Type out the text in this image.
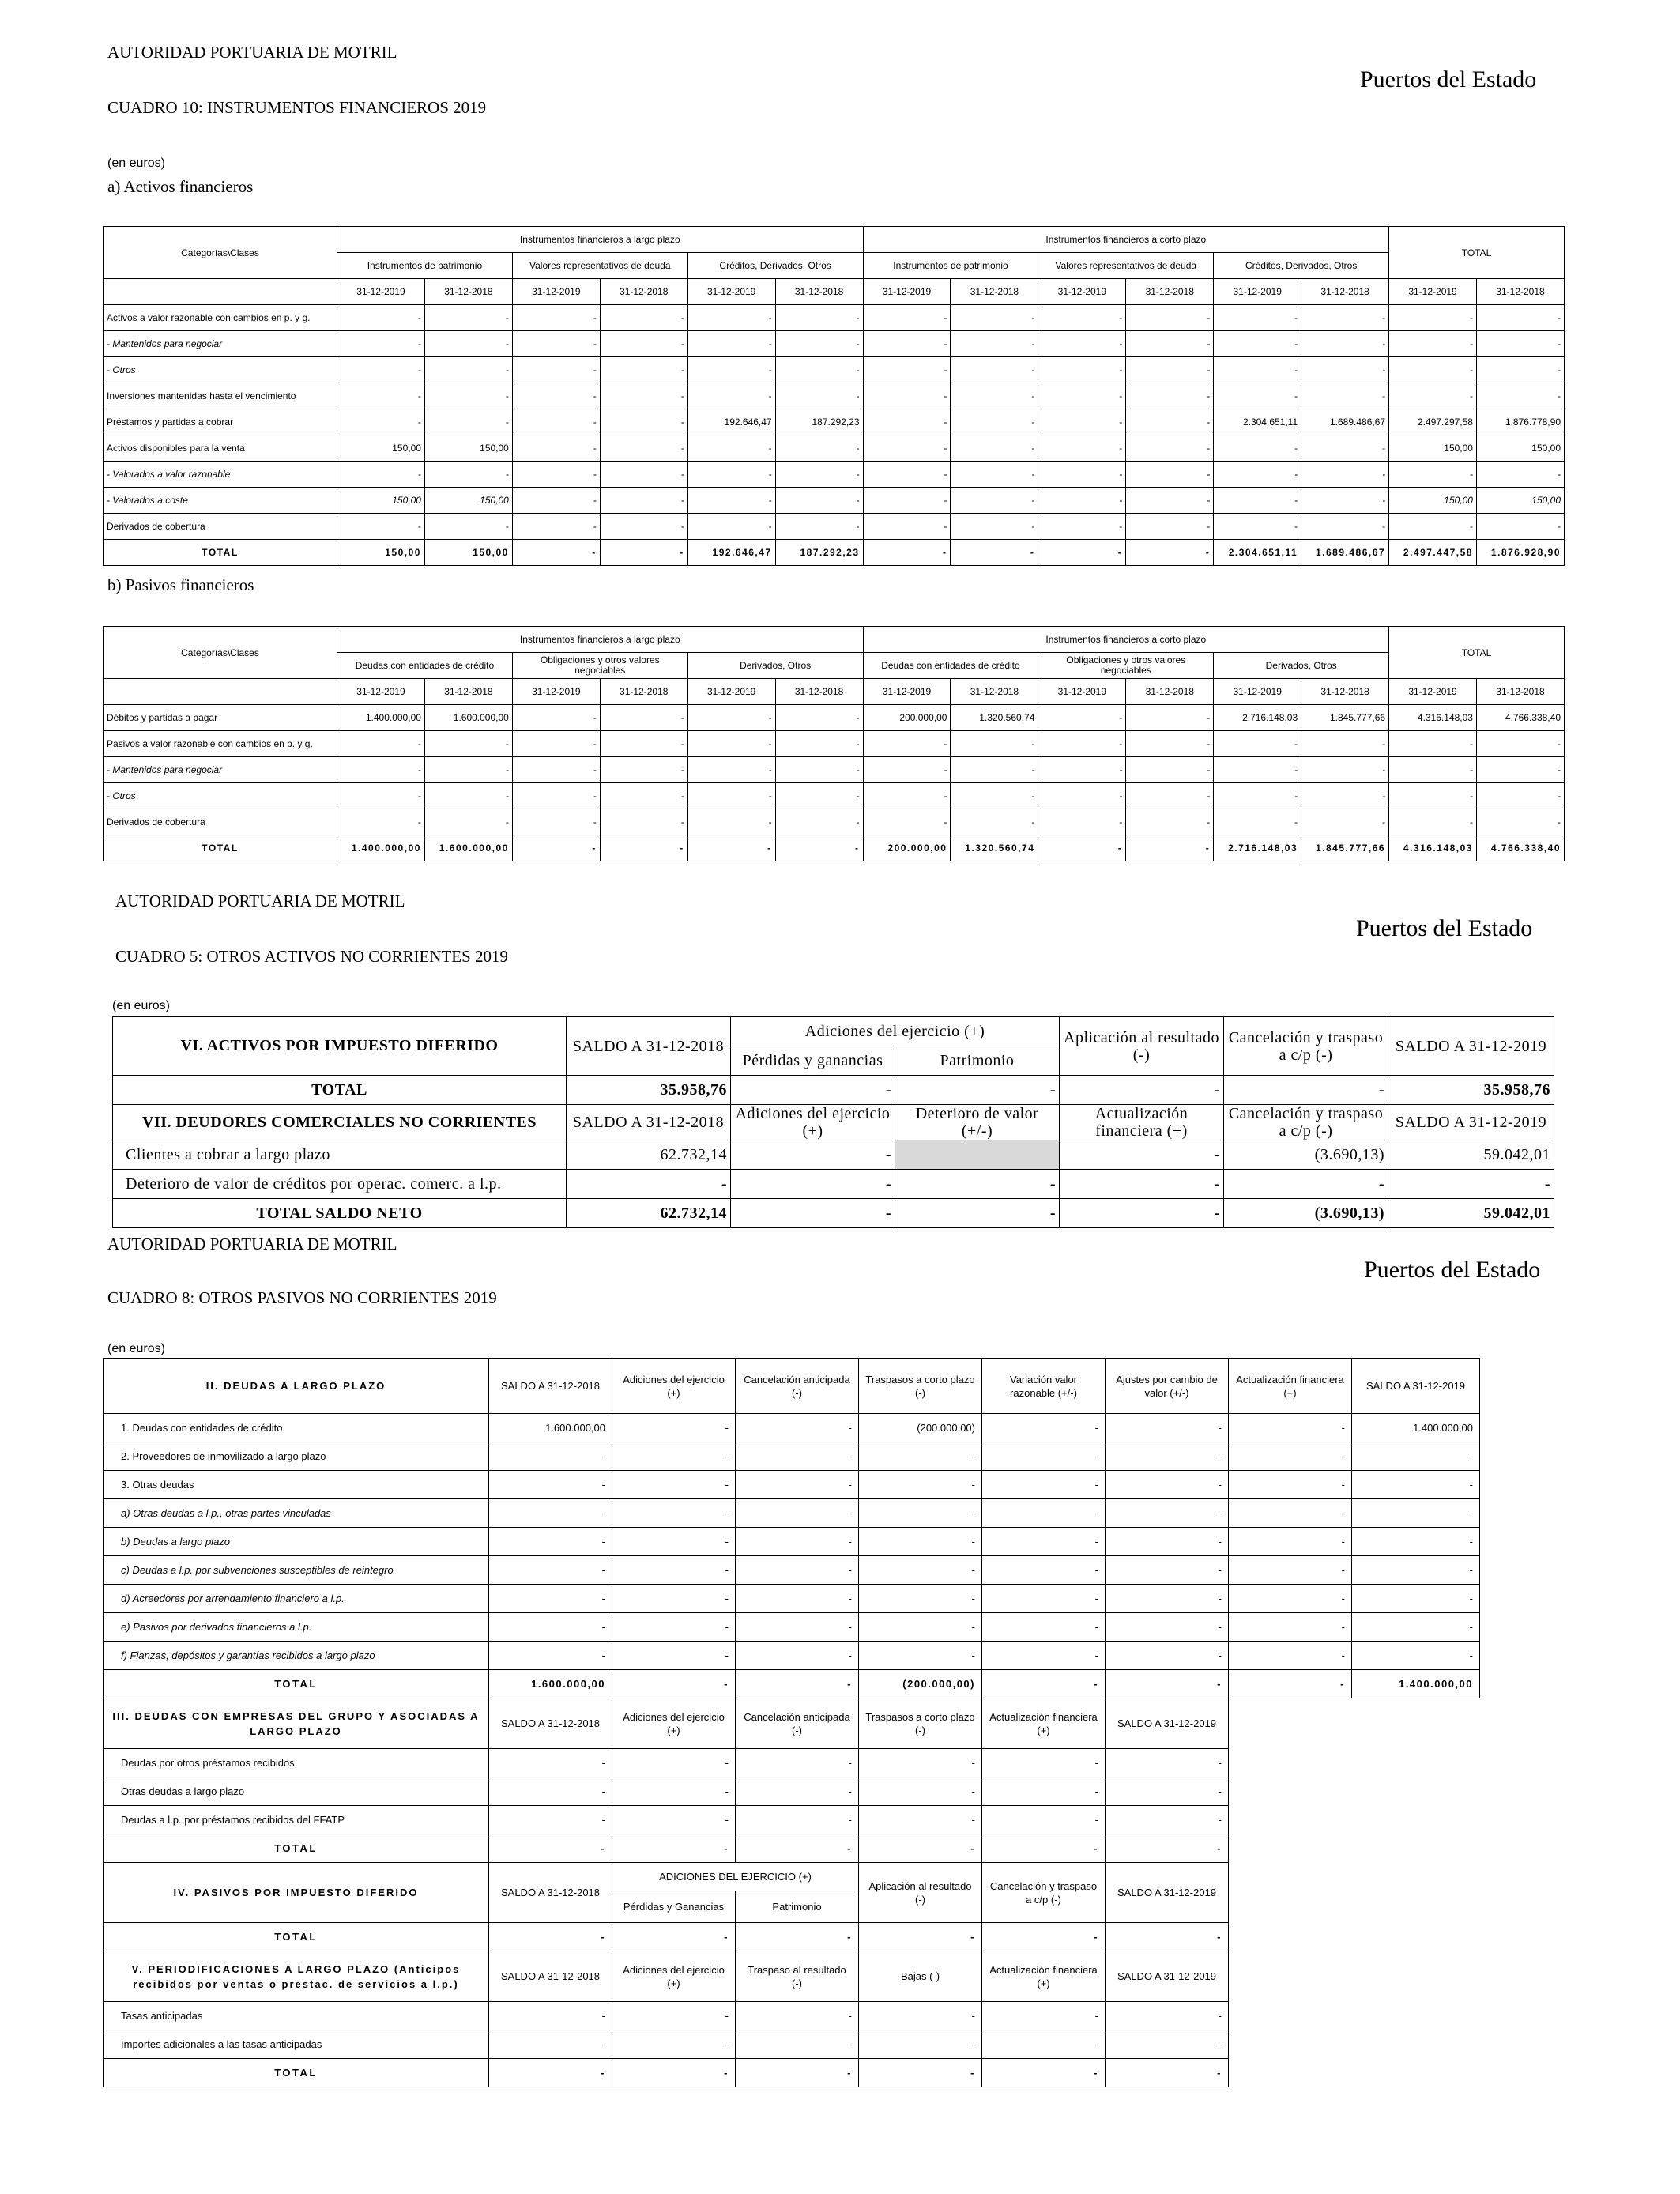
AUTORIDAD PORTUARIA DE MOTRIL
Puertos del Estado
CUADRO 10: INSTRUMENTOS FINANCIEROS 2019
(en euros)
a) Activos financieros
Categorías\Clases	Instrumentos financieros a largo plazo						Instrumentos financieros a corto plazo						TOTAL	
	Instrumentos de patrimonio		Valores representativos de deuda		Créditos, Derivados, Otros		Instrumentos de patrimonio		Valores representativos de deuda		Créditos, Derivados, Otros			
	31-12-2019	31-12-2018	31-12-2019	31-12-2018	31-12-2019	31-12-2018	31-12-2019	31-12-2018	31-12-2019	31-12-2018	31-12-2019	31-12-2018	31-12-2019	31-12-2018
Activos a valor razonable con cambios en p. y g.	-	-	-	-	-	-	-	-	-	-	-	-	-	-
- Mantenidos para negociar	-	-	-	-	-	-	-	-	-	-	-	-	-	-
- Otros	-	-	-	-	-	-	-	-	-	-	-	-	-	-
Inversiones mantenidas hasta el vencimiento	-	-	-	-	-	-	-	-	-	-	-	-	-	-
Préstamos y partidas a cobrar	-	-	-	-	192.646,47	187.292,23	-	-	-	-	2.304.651,11	1.689.486,67	2.497.297,58	1.876.778,90
Activos disponibles para la venta	150,00	150,00	-	-	-	-	-	-	-	-	-	-	150,00	150,00
- Valorados a valor razonable	-	-	-	-	-	-	-	-	-	-	-	-	-	-
- Valorados a coste	150,00	150,00	-	-	-	-	-	-	-	-	-	-	150,00	150,00
Derivados de cobertura	-	-	-	-	-	-	-	-	-	-	-	-	-	-
TOTAL	150,00	150,00	-	-	192.646,47	187.292,23	-	-	-	-	2.304.651,11	1.689.486,67	2.497.447,58	1.876.928,90
b) Pasivos financieros
Categorías\Clases	Instrumentos financieros a largo plazo						Instrumentos financieros a corto plazo						TOTAL	
	Deudas con entidades de crédito		Obligaciones y otros valores negociables		Derivados, Otros		Deudas con entidades de crédito		Obligaciones y otros valores negociables		Derivados, Otros			
	31-12-2019	31-12-2018	31-12-2019	31-12-2018	31-12-2019	31-12-2018	31-12-2019	31-12-2018	31-12-2019	31-12-2018	31-12-2019	31-12-2018	31-12-2019	31-12-2018
Débitos y partidas a pagar	1.400.000,00	1.600.000,00	-	-	-	-	200.000,00	1.320.560,74	-	-	2.716.148,03	1.845.777,66	4.316.148,03	4.766.338,40
Pasivos a valor razonable con cambios en p. y g.	-	-	-	-	-	-	-	-	-	-	-	-	-	-
- Mantenidos para negociar	-	-	-	-	-	-	-	-	-	-	-	-	-	-
- Otros	-	-	-	-	-	-	-	-	-	-	-	-	-	-
Derivados de cobertura	-	-	-	-	-	-	-	-	-	-	-	-	-	-
TOTAL	1.400.000,00	1.600.000,00	-	-	-	-	200.000,00	1.320.560,74	-	-	2.716.148,03	1.845.777,66	4.316.148,03	4.766.338,40
AUTORIDAD PORTUARIA DE MOTRIL
Puertos del Estado
CUADRO 5: OTROS ACTIVOS NO CORRIENTES 2019
(en euros)
VI. ACTIVOS POR IMPUESTO DIFERIDO	SALDO A 31-12-2018	Adiciones del ejercicio (+)		Aplicación al resultado (-)	Cancelación y traspaso a c/p (-)	SALDO A 31-12-2019
		Pérdidas y ganancias	Patrimonio			
TOTAL	35.958,76	-	-	-	-	35.958,76
VII. DEUDORES COMERCIALES NO CORRIENTES	SALDO A 31-12-2018	Adiciones del ejercicio (+)	Deterioro de valor (+/-)	Actualización financiera (+)	Cancelación y traspaso a c/p (-)	SALDO A 31-12-2019
Clientes a cobrar a largo plazo	62.732,14	-		-	(3.690,13)	59.042,01
Deterioro de valor de créditos por operac. comerc. a l.p.	-	-	-	-	-	-
TOTAL SALDO NETO	62.732,14	-	-	-	(3.690,13)	59.042,01
AUTORIDAD PORTUARIA DE MOTRIL
Puertos del Estado
CUADRO 8: OTROS PASIVOS NO CORRIENTES 2019
(en euros)
II. DEUDAS A LARGO PLAZO	SALDO A 31-12-2018	Adiciones del ejercicio (+)	Cancelación anticipada (-)	Traspasos a corto plazo (-)	Variación valor razonable (+/-)	Ajustes por cambio de valor (+/-)	Actualización financiera (+)	SALDO A 31-12-2019
1. Deudas con entidades de crédito.	1.600.000,00	-	-	(200.000,00)	-	-	-	1.400.000,00
2. Proveedores de inmovilizado a largo plazo	-	-	-	-	-	-	-	-
3. Otras deudas	-	-	-	-	-	-	-	-
a) Otras deudas a l.p., otras partes vinculadas	-	-	-	-	-	-	-	-
b) Deudas a largo plazo	-	-	-	-	-	-	-	-
c) Deudas a l.p. por subvenciones susceptibles de reintegro	-	-	-	-	-	-	-	-
d) Acreedores por arrendamiento financiero a l.p.	-	-	-	-	-	-	-	-
e) Pasivos por derivados financieros a l.p.	-	-	-	-	-	-	-	-
f) Fianzas, depósitos y garantías recibidos a largo plazo	-	-	-	-	-	-	-	-
TOTAL	1.600.000,00	-	-	(200.000,00)	-	-	-	1.400.000,00
III. DEUDAS CON EMPRESAS DEL GRUPO Y ASOCIADAS A LARGO PLAZO	SALDO A 31-12-2018	Adiciones del ejercicio (+)	Cancelación anticipada (-)	Traspasos a corto plazo (-)	Actualización financiera (+)	SALDO A 31-12-2019		
Deudas por otros préstamos recibidos	-	-	-	-	-	-		
Otras deudas a largo plazo	-	-	-	-	-	-		
Deudas a l.p. por préstamos recibidos del FFATP	-	-	-	-	-	-		
TOTAL	-	-	-	-	-	-		
IV. PASIVOS POR IMPUESTO DIFERIDO	SALDO A 31-12-2018	ADICIONES DEL EJERCICIO (+)		Aplicación al resultado (-)	Cancelación y traspaso a c/p (-)	SALDO A 31-12-2019		
		Pérdidas y Ganancias	Patrimonio					
TOTAL	-	-	-	-	-	-		
V. PERIODIFICACIONES A LARGO PLAZO (Anticipos recibidos por ventas o prestac. de servicios a l.p.)	SALDO A 31-12-2018	Adiciones del ejercicio (+)	Traspaso al resultado (-)	Bajas (-)	Actualización financiera (+)	SALDO A 31-12-2019		
Tasas anticipadas	-	-	-	-	-	-		
Importes adicionales a las tasas anticipadas	-	-	-	-	-	-		
TOTAL	-	-	-	-	-	-		
